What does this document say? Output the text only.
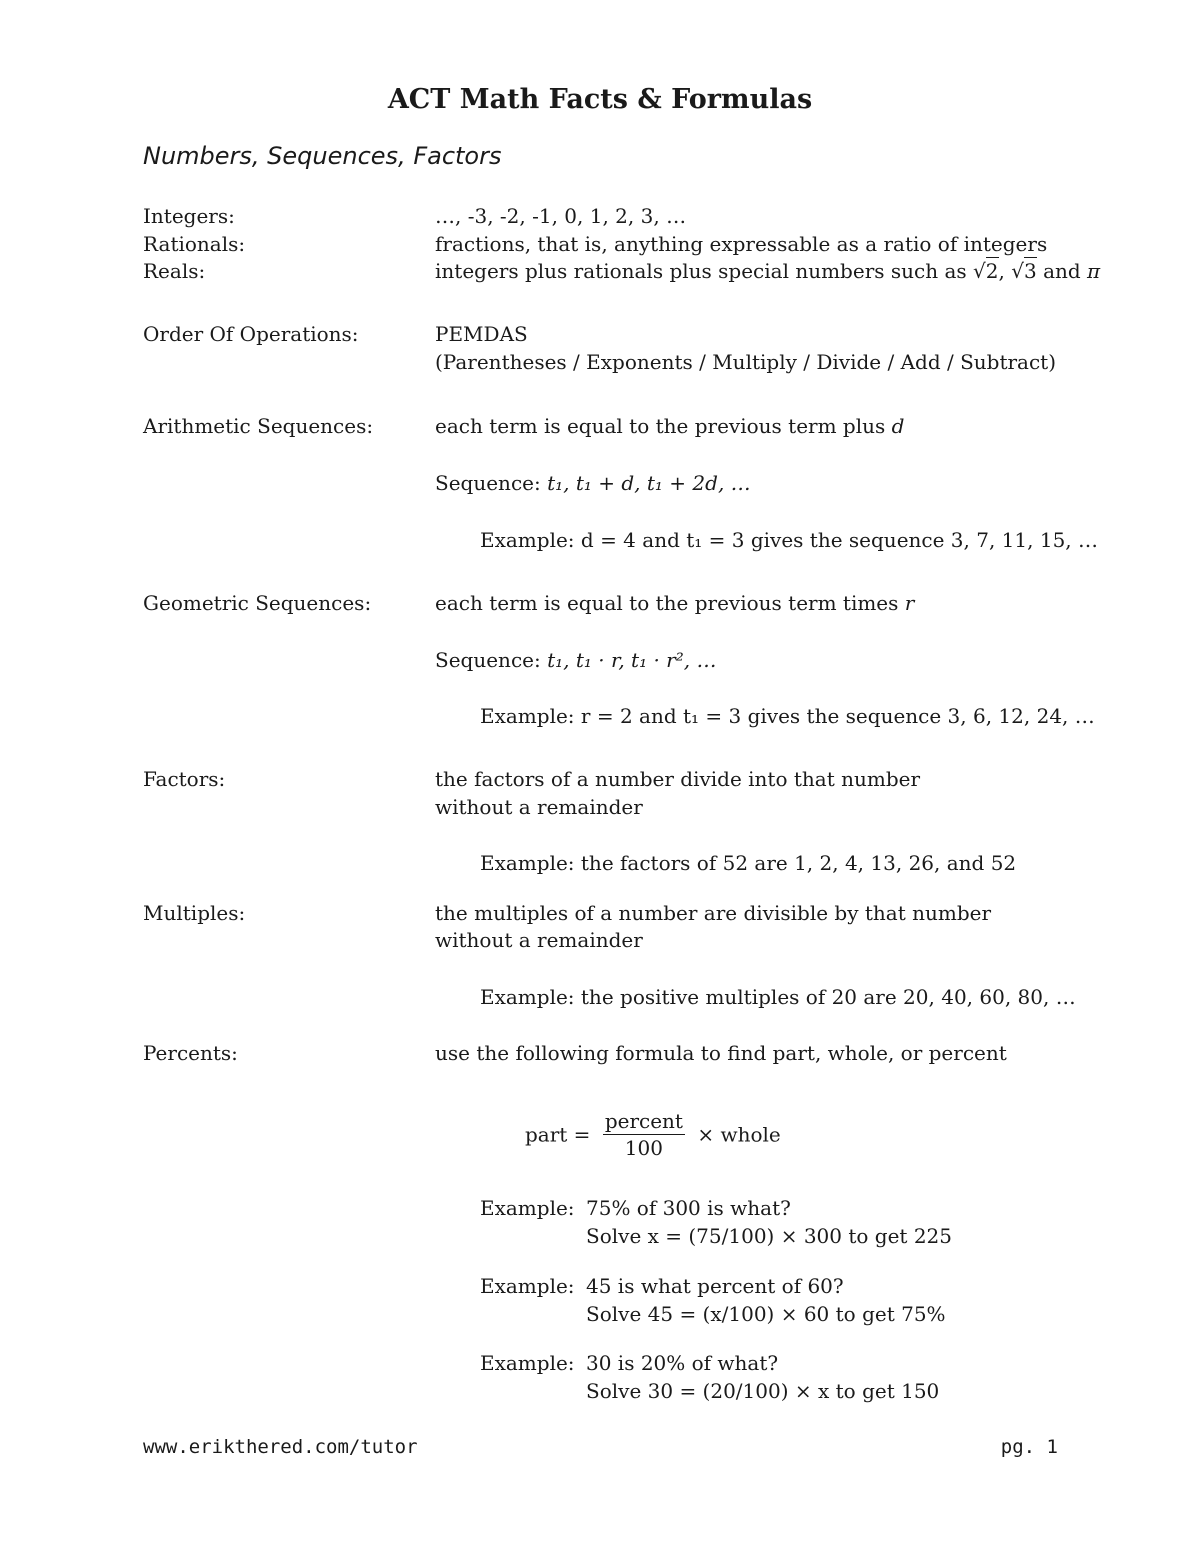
ACT Math Facts & Formulas
Numbers, Sequences, Factors
Integers:	…, -3, -2, -1, 0, 1, 2, 3, …
Rationals:	fractions, that is, anything expressable as a ratio of integers
Reals:	integers plus rationals plus special numbers such as √2, √3 and π
Order Of Operations:	PEMDAS
(Parentheses / Exponents / Multiply / Divide / Add / Subtract)
Arithmetic Sequences:	each term is equal to the previous term plus d
Sequence: t₁, t₁ + d, t₁ + 2d, …
Example: d = 4 and t₁ = 3 gives the sequence 3, 7, 11, 15, …
Geometric Sequences:	each term is equal to the previous term times r
Sequence: t₁, t₁ · r, t₁ · r², …
Example: r = 2 and t₁ = 3 gives the sequence 3, 6, 12, 24, …
Factors:	the factors of a number divide into that number
without a remainder
Example: the factors of 52 are 1, 2, 4, 13, 26, and 52
Multiples:	the multiples of a number are divisible by that number
without a remainder
Example: the positive multiples of 20 are 20, 40, 60, 80, …
Percents:	use the following formula to find part, whole, or percent
part = $\frac{\text{percent}}{100}$ × whole
Example: 75% of 300 is what?
Solve x = (75/100) × 300 to get 225
Example: 45 is what percent of 60?
Solve 45 = (x/100) × 60 to get 75%
Example: 30 is 20% of what?
Solve 30 = (20/100) × x to get 150
www.erikthered.com/tutor	pg. 1
